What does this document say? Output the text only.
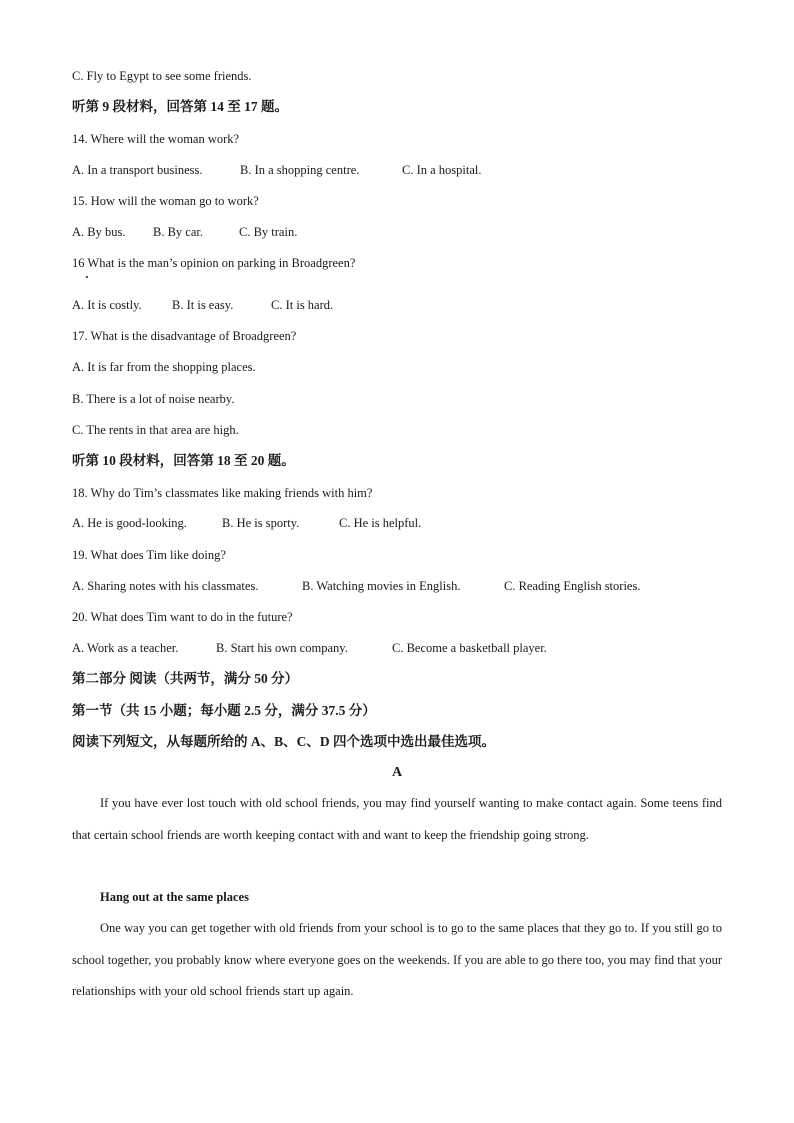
C. Fly to Egypt to see some friends.
听第 9 段材料，回答第 14 至 17 题。
14. Where will the woman work?
A. In a transport business.	B. In a shopping centre.	C. In a hospital.
15. How will the woman go to work?
A. By bus. B. By car.	C. By train.
16 What is the man’s opinion on parking in Broadgreen?
A. It is costly. B. It is easy.	C. It is hard.
17. What is the disadvantage of Broadgreen?
A. It is far from the shopping places.
B. There is a lot of noise nearby.
C. The rents in that area are high.
听第 10 段材料，回答第 18 至 20 题。
18. Why do Tim’s classmates like making friends with him?
A. He is good-looking.	B. He is sporty.	C. He is helpful.
19. What does Tim like doing?
A. Sharing notes with his classmates.	B. Watching movies in English.	C. Reading English stories.
20. What does Tim want to do in the future?
A. Work as a teacher.	B. Start his own company.	C. Become a basketball player.
第二部分 阅读（共两节，满分 50 分）
第一节（共 15 小题；每小题 2.5 分，满分 37.5 分）
阅读下列短文，从每题所给的 A、B、C、D 四个选项中选出最佳选项。
A
If you have ever lost touch with old school friends, you may find yourself wanting to make contact again. Some teens find that certain school friends are worth keeping contact with and want to keep the friendship going strong.
Hang out at the same places
One way you can get together with old friends from your school is to go to the same places that they go to. If you still go to school together, you probably know where everyone goes on the weekends. If you are able to go there too, you may find that your relationships with your old school friends start up again.
